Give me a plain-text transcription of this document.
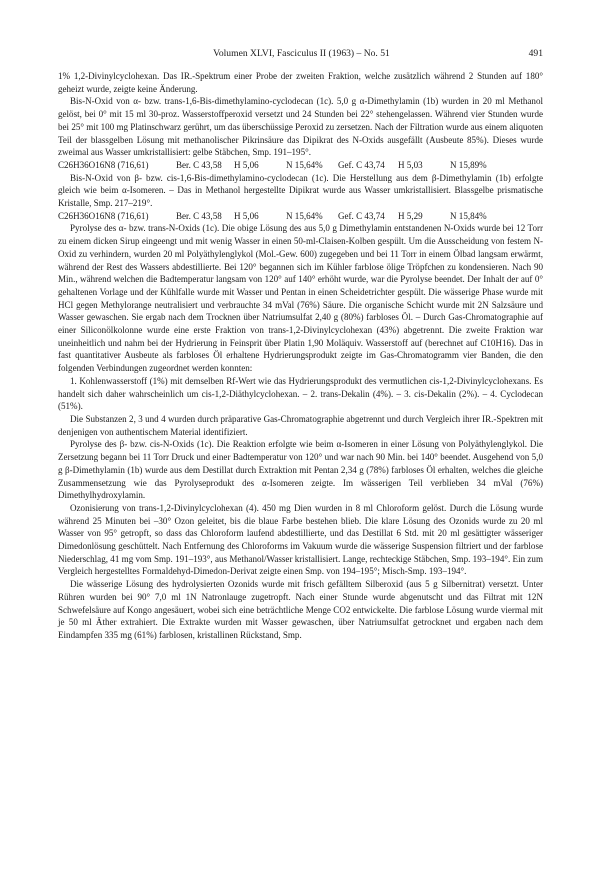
Volumen XLVI, Fasciculus II (1963) – No. 51	491

1% 1,2-Divinylcyclohexan. Das IR.-Spektrum einer Probe der zweiten Fraktion, welche zusätzlich während 2 Stunden auf 180° geheizt wurde, zeigte keine Änderung.

Bis-N-Oxid von α- bzw. trans-1,6-Bis-dimethylamino-cyclodecan (1c). 5,0 g α-Dimethylamin (1b) wurden in 20 ml Methanol gelöst, bei 0° mit 15 ml 30-proz. Wasserstoffperoxid versetzt und 24 Stunden bei 22° stehengelassen. Während vier Stunden wurde bei 25° mit 100 mg Platinschwarz gerührt, um das überschüssige Peroxid zu zersetzen. Nach der Filtration wurde aus einem aliquoten Teil der blassgelben Lösung mit methanolischer Pikrinsäure das Dipikrat des N-Oxids ausgefällt (Ausbeute 85%). Dieses wurde zweimal aus Wasser umkristallisiert: gelbe Stäbchen, Smp. 191–195°.

C26H36O16N8 (716,61)	Ber. C 43,58	H 5,06	N 15,64%	Gef. C 43,74	H 5,03	N 15,89%

Bis-N-Oxid von β- bzw. cis-1,6-Bis-dimethylamino-cyclodecan (1c). Die Herstellung aus dem β-Dimethylamin (1b) erfolgte gleich wie beim α-Isomeren. – Das in Methanol hergestellte Dipikrat wurde aus Wasser umkristallisiert. Blassgelbe prismatische Kristalle, Smp. 217–219°.

C26H36O16N8 (716,61)	Ber. C 43,58	H 5,06	N 15,64%	Gef. C 43,74	H 5,29	N 15,84%

Pyrolyse des α- bzw. trans-N-Oxids (1c). Die obige Lösung des aus 5,0 g Dimethylamin entstandenen N-Oxids wurde bei 12 Torr zu einem dicken Sirup eingeengt und mit wenig Wasser in einen 50-ml-Claisen-Kolben gespült. Um die Ausscheidung von festem N-Oxid zu verhindern, wurden 20 ml Polyäthylenglykol (Mol.-Gew. 600) zugegeben und bei 11 Torr in einem Ölbad langsam erwärmt, während der Rest des Wassers abdestillierte. Bei 120° begannen sich im Kühler farblose ölige Tröpfchen zu kondensieren. Nach 90 Min., während welchen die Badtemperatur langsam von 120° auf 140° erhöht wurde, war die Pyrolyse beendet. Der Inhalt der auf 0° gehaltenen Vorlage und der Kühlfalle wurde mit Wasser und Pentan in einen Scheidetrichter gespült. Die wässerige Phase wurde mit HCl gegen Methylorange neutralisiert und verbrauchte 34 mVal (76%) Säure. Die organische Schicht wurde mit 2N Salzsäure und Wasser gewaschen. Sie ergab nach dem Trocknen über Natriumsulfat 2,40 g (80%) farbloses Öl. – Durch Gas-Chromatographie auf einer Siliconölkolonne wurde eine erste Fraktion von trans-1,2-Divinylcyclohexan (43%) abgetrennt. Die zweite Fraktion war uneinheitlich und nahm bei der Hydrierung in Feinsprit über Platin 1,90 Moläquiv. Wasserstoff auf (berechnet auf C10H16). Das in fast quantitativer Ausbeute als farbloses Öl erhaltene Hydrierungsprodukt zeigte im Gas-Chromatogramm vier Banden, die den folgenden Verbindungen zugeordnet werden konnten:

1. Kohlenwasserstoff (1%) mit demselben Rf-Wert wie das Hydrierungsprodukt des vermutlichen cis-1,2-Divinylcyclohexans. Es handelt sich daher wahrscheinlich um cis-1,2-Diäthylcyclohexan. – 2. trans-Dekalin (4%). – 3. cis-Dekalin (2%). – 4. Cyclodecan (51%).

Die Substanzen 2, 3 und 4 wurden durch präparative Gas-Chromatographie abgetrennt und durch Vergleich ihrer IR.-Spektren mit denjenigen von authentischem Material identifiziert.

Pyrolyse des β- bzw. cis-N-Oxids (1c). Die Reaktion erfolgte wie beim α-Isomeren in einer Lösung von Polyäthylenglykol. Die Zersetzung begann bei 11 Torr Druck und einer Badtemperatur von 120° und war nach 90 Min. bei 140° beendet. Ausgehend von 5,0 g β-Dimethylamin (1b) wurde aus dem Destillat durch Extraktion mit Pentan 2,34 g (78%) farbloses Öl erhalten, welches die gleiche Zusammensetzung wie das Pyrolyseprodukt des α-Isomeren zeigte. Im wässerigen Teil verblieben 34 mVal (76%) Dimethylhydroxylamin.

Ozonisierung von trans-1,2-Divinylcyclohexan (4). 450 mg Dien wurden in 8 ml Chloroform gelöst. Durch die Lösung wurde während 25 Minuten bei –30° Ozon geleitet, bis die blaue Farbe bestehen blieb. Die klare Lösung des Ozonids wurde zu 20 ml Wasser von 95° getropft, so dass das Chloroform laufend abdestillierte, und das Destillat 6 Std. mit 20 ml gesättigter wässeriger Dimedonlösung geschüttelt. Nach Entfernung des Chloroforms im Vakuum wurde die wässerige Suspension filtriert und der farblose Niederschlag, 41 mg vom Smp. 191–193°, aus Methanol/Wasser kristallisiert. Lange, rechteckige Stäbchen, Smp. 193–194°. Ein zum Vergleich hergestelltes Formaldehyd-Dimedon-Derivat zeigte einen Smp. von 194–195°; Misch-Smp. 193–194°.

Die wässerige Lösung des hydrolysierten Ozonids wurde mit frisch gefälltem Silberoxid (aus 5 g Silbernitrat) versetzt. Unter Rühren wurden bei 90° 7,0 ml 1N Natronlauge zugetropft. Nach einer Stunde wurde abgenutscht und das Filtrat mit 12N Schwefelsäure auf Kongo angesäuert, wobei sich eine beträchtliche Menge CO2 entwickelte. Die farblose Lösung wurde viermal mit je 50 ml Äther extrahiert. Die Extrakte wurden mit Wasser gewaschen, über Natriumsulfat getrocknet und ergaben nach dem Eindampfen 335 mg (61%) farblosen, kristallinen Rückstand, Smp.
